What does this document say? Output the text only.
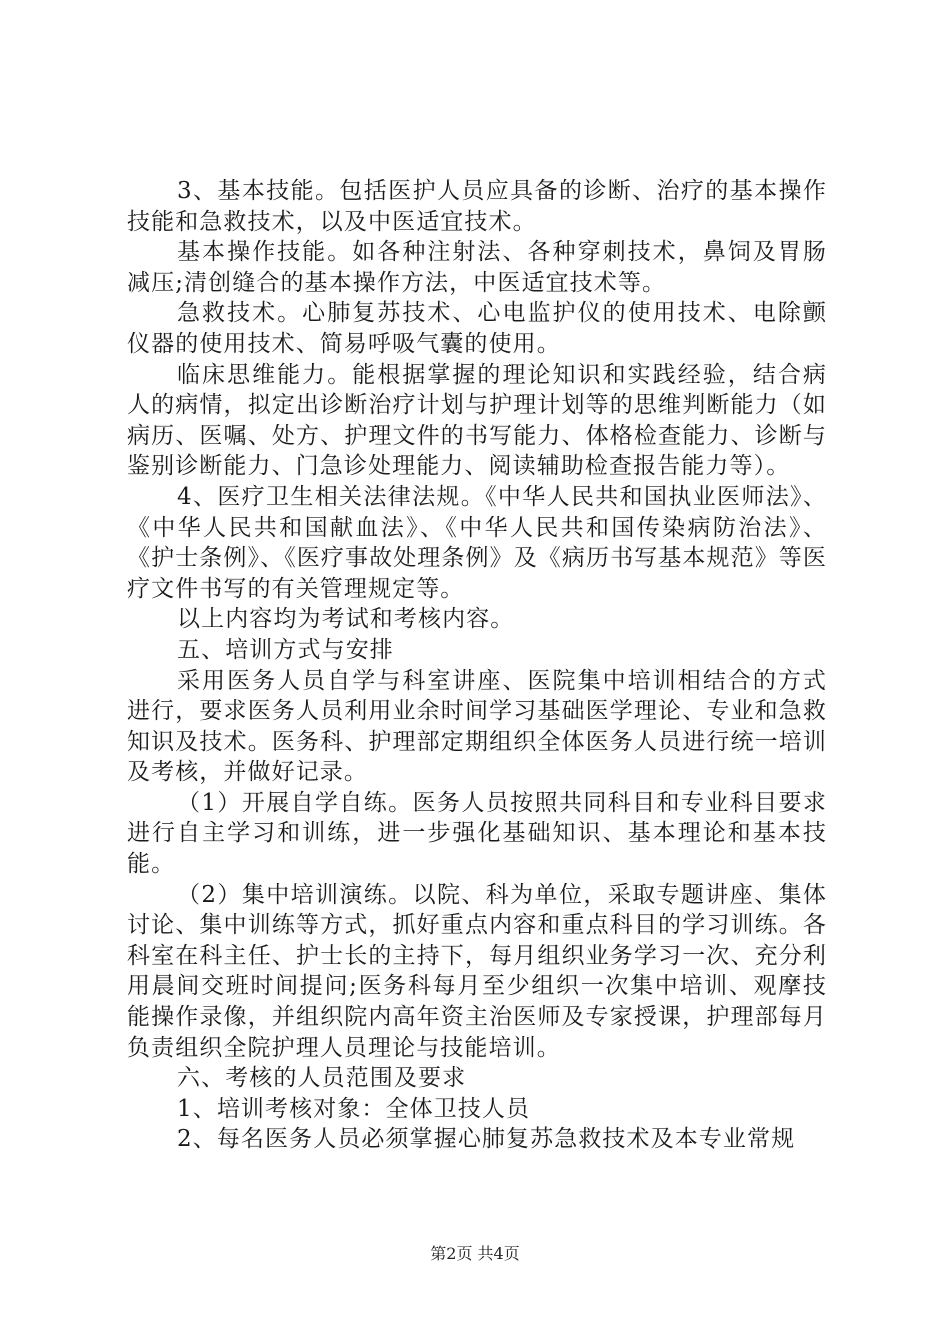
3、基本技能。包括医护人员应具备的诊断、治疗的基本操作技能和急救技术，以及中医适宜技术。

基本操作技能。如各种注射法、各种穿刺技术，鼻饲及胃肠减压;清创缝合的基本操作方法，中医适宜技术等。

急救技术。心肺复苏技术、心电监护仪的使用技术、电除颤仪器的使用技术、简易呼吸气囊的使用。

临床思维能力。能根据掌握的理论知识和实践经验，结合病人的病情，拟定出诊断治疗计划与护理计划等的思维判断能力（如病历、医嘱、处方、护理文件的书写能力、体格检查能力、诊断与鉴别诊断能力、门急诊处理能力、阅读辅助检查报告能力等）。

4、医疗卫生相关法律法规。《中华人民共和国执业医师法》、《中华人民共和国献血法》、《中华人民共和国传染病防治法》、《护士条例》、《医疗事故处理条例》及《病历书写基本规范》等医疗文件书写的有关管理规定等。

以上内容均为考试和考核内容。

五、培训方式与安排

采用医务人员自学与科室讲座、医院集中培训相结合的方式进行，要求医务人员利用业余时间学习基础医学理论、专业和急救知识及技术。医务科、护理部定期组织全体医务人员进行统一培训及考核，并做好记录。

（1）开展自学自练。医务人员按照共同科目和专业科目要求进行自主学习和训练，进一步强化基础知识、基本理论和基本技能。

（2）集中培训演练。以院、科为单位，采取专题讲座、集体讨论、集中训练等方式，抓好重点内容和重点科目的学习训练。各科室在科主任、护士长的主持下，每月组织业务学习一次、充分利用晨间交班时间提问;医务科每月至少组织一次集中培训、观摩技能操作录像，并组织院内高年资主治医师及专家授课，护理部每月负责组织全院护理人员理论与技能培训。

六、考核的人员范围及要求

1、培训考核对象：全体卫技人员

2、每名医务人员必须掌握心肺复苏急救技术及本专业常规

第2页 共4页
